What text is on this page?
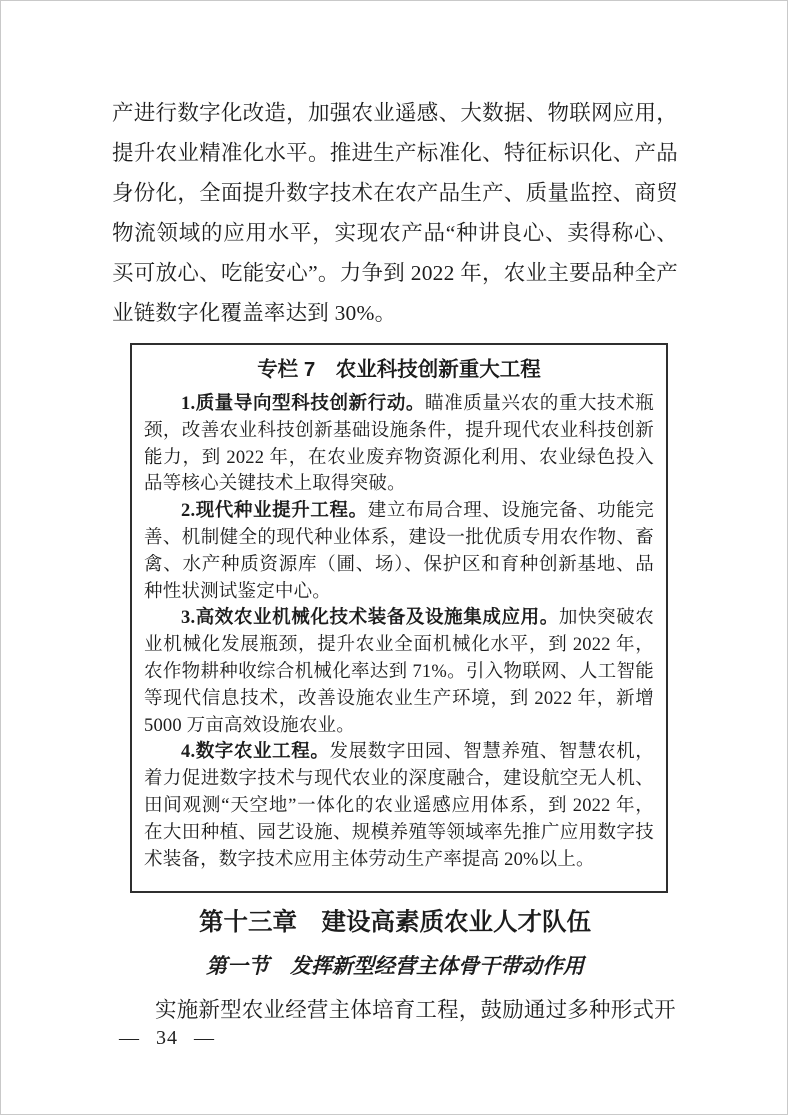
产进行数字化改造，加强农业遥感、大数据、物联网应用，提升农业精准化水平。推进生产标准化、特征标识化、产品身份化，全面提升数字技术在农产品生产、质量监控、商贸物流领域的应用水平，实现农产品“种讲良心、卖得称心、买可放心、吃能安心”。力争到 2022 年，农业主要品种全产业链数字化覆盖率达到 30%。

专栏 7　农业科技创新重大工程

1.质量导向型科技创新行动。瞄准质量兴农的重大技术瓶颈，改善农业科技创新基础设施条件，提升现代农业科技创新能力，到 2022 年，在农业废弃物资源化利用、农业绿色投入品等核心关键技术上取得突破。

2.现代种业提升工程。建立布局合理、设施完备、功能完善、机制健全的现代种业体系，建设一批优质专用农作物、畜禽、水产种质资源库（圃、场）、保护区和育种创新基地、品种性状测试鉴定中心。

3.高效农业机械化技术装备及设施集成应用。加快突破农业机械化发展瓶颈，提升农业全面机械化水平，到 2022 年，农作物耕种收综合机械化率达到 71%。引入物联网、人工智能等现代信息技术，改善设施农业生产环境，到 2022 年，新增 5000 万亩高效设施农业。

4.数字农业工程。发展数字田园、智慧养殖、智慧农机，着力促进数字技术与现代农业的深度融合，建设航空无人机、田间观测“天空地”一体化的农业遥感应用体系，到 2022 年，在大田种植、园艺设施、规模养殖等领域率先推广应用数字技术装备，数字技术应用主体劳动生产率提高 20%以上。

第十三章　建设高素质农业人才队伍
第一节　发挥新型经营主体骨干带动作用

实施新型农业经营主体培育工程，鼓励通过多种形式开

— 34 —
